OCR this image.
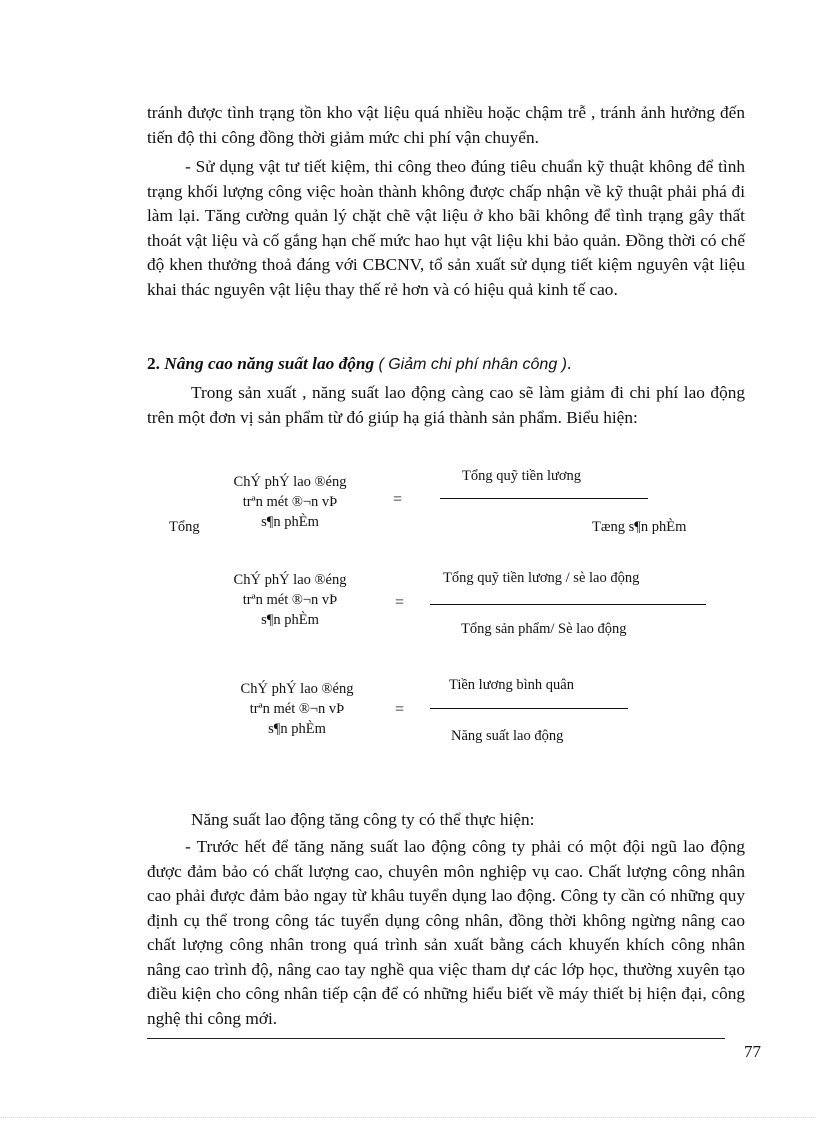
tránh được tình trạng tồn kho vật liệu quá nhiều hoặc chậm trễ , tránh ảnh hưởng đến tiến độ thi công đồng thời giảm mức chi phí vận chuyển.

- Sử dụng vật tư tiết kiệm, thi công theo đúng tiêu chuẩn kỹ thuật không để tình trạng khối lượng công việc hoàn thành không được chấp nhận về kỹ thuật phải phá đi làm lại. Tăng cường quản lý chặt chẽ vật liệu ở kho bãi không để tình trạng gây thất thoát vật liệu và cố gắng hạn chế mức hao hụt vật liệu khi bảo quản. Đồng thời có chế độ khen thưởng thoả đáng với CBCNV, tổ sản xuất sử dụng tiết kiệm nguyên vật liệu khai thác nguyên vật liệu thay thế rẻ hơn và có hiệu quả kinh tế cao.

2. Nâng cao năng suất lao động ( Giảm chi phí nhân công ).

Trong sản xuất , năng suất lao động càng cao sẽ làm giảm đi chi phí lao động trên một đơn vị sản phẩm từ đó giúp hạ giá thành sản phẩm. Biểu hiện:

ChÝ phÝ lao ®éng
trªn mét ®¬n vÞ
s¶n phÈm
Tổng
=
Tổng quỹ tiền lương
Tæng s¶n phÈm
ChÝ phÝ lao ®éng
trªn mét ®¬n vÞ
s¶n phÈm
=
Tổng quỹ tiền lương / sè lao động
Tổng sản phẩm/ Sè lao động
ChÝ phÝ lao ®éng
trªn mét ®¬n vÞ
s¶n phÈm
=
Tiền lương bình quân
Năng suất lao động

Năng suất lao động tăng công ty có thể thực hiện:

- Trước hết để tăng năng suất lao động công ty phải có một đội ngũ lao động được đảm bảo có chất lượng cao, chuyên môn nghiệp vụ cao. Chất lượng công nhân cao phải được đảm bảo ngay từ khâu tuyển dụng lao động. Công ty cần có những quy định cụ thể trong công tác tuyển dụng công nhân, đồng thời không ngừng nâng cao chất lượng công nhân trong quá trình sản xuất bằng cách khuyến khích công nhân nâng cao trình độ, nâng cao tay nghề qua việc tham dự các lớp học, thường xuyên tạo điều kiện cho công nhân tiếp cận để có những hiểu biết về máy thiết bị hiện đại, công nghệ thi công mới.

77
